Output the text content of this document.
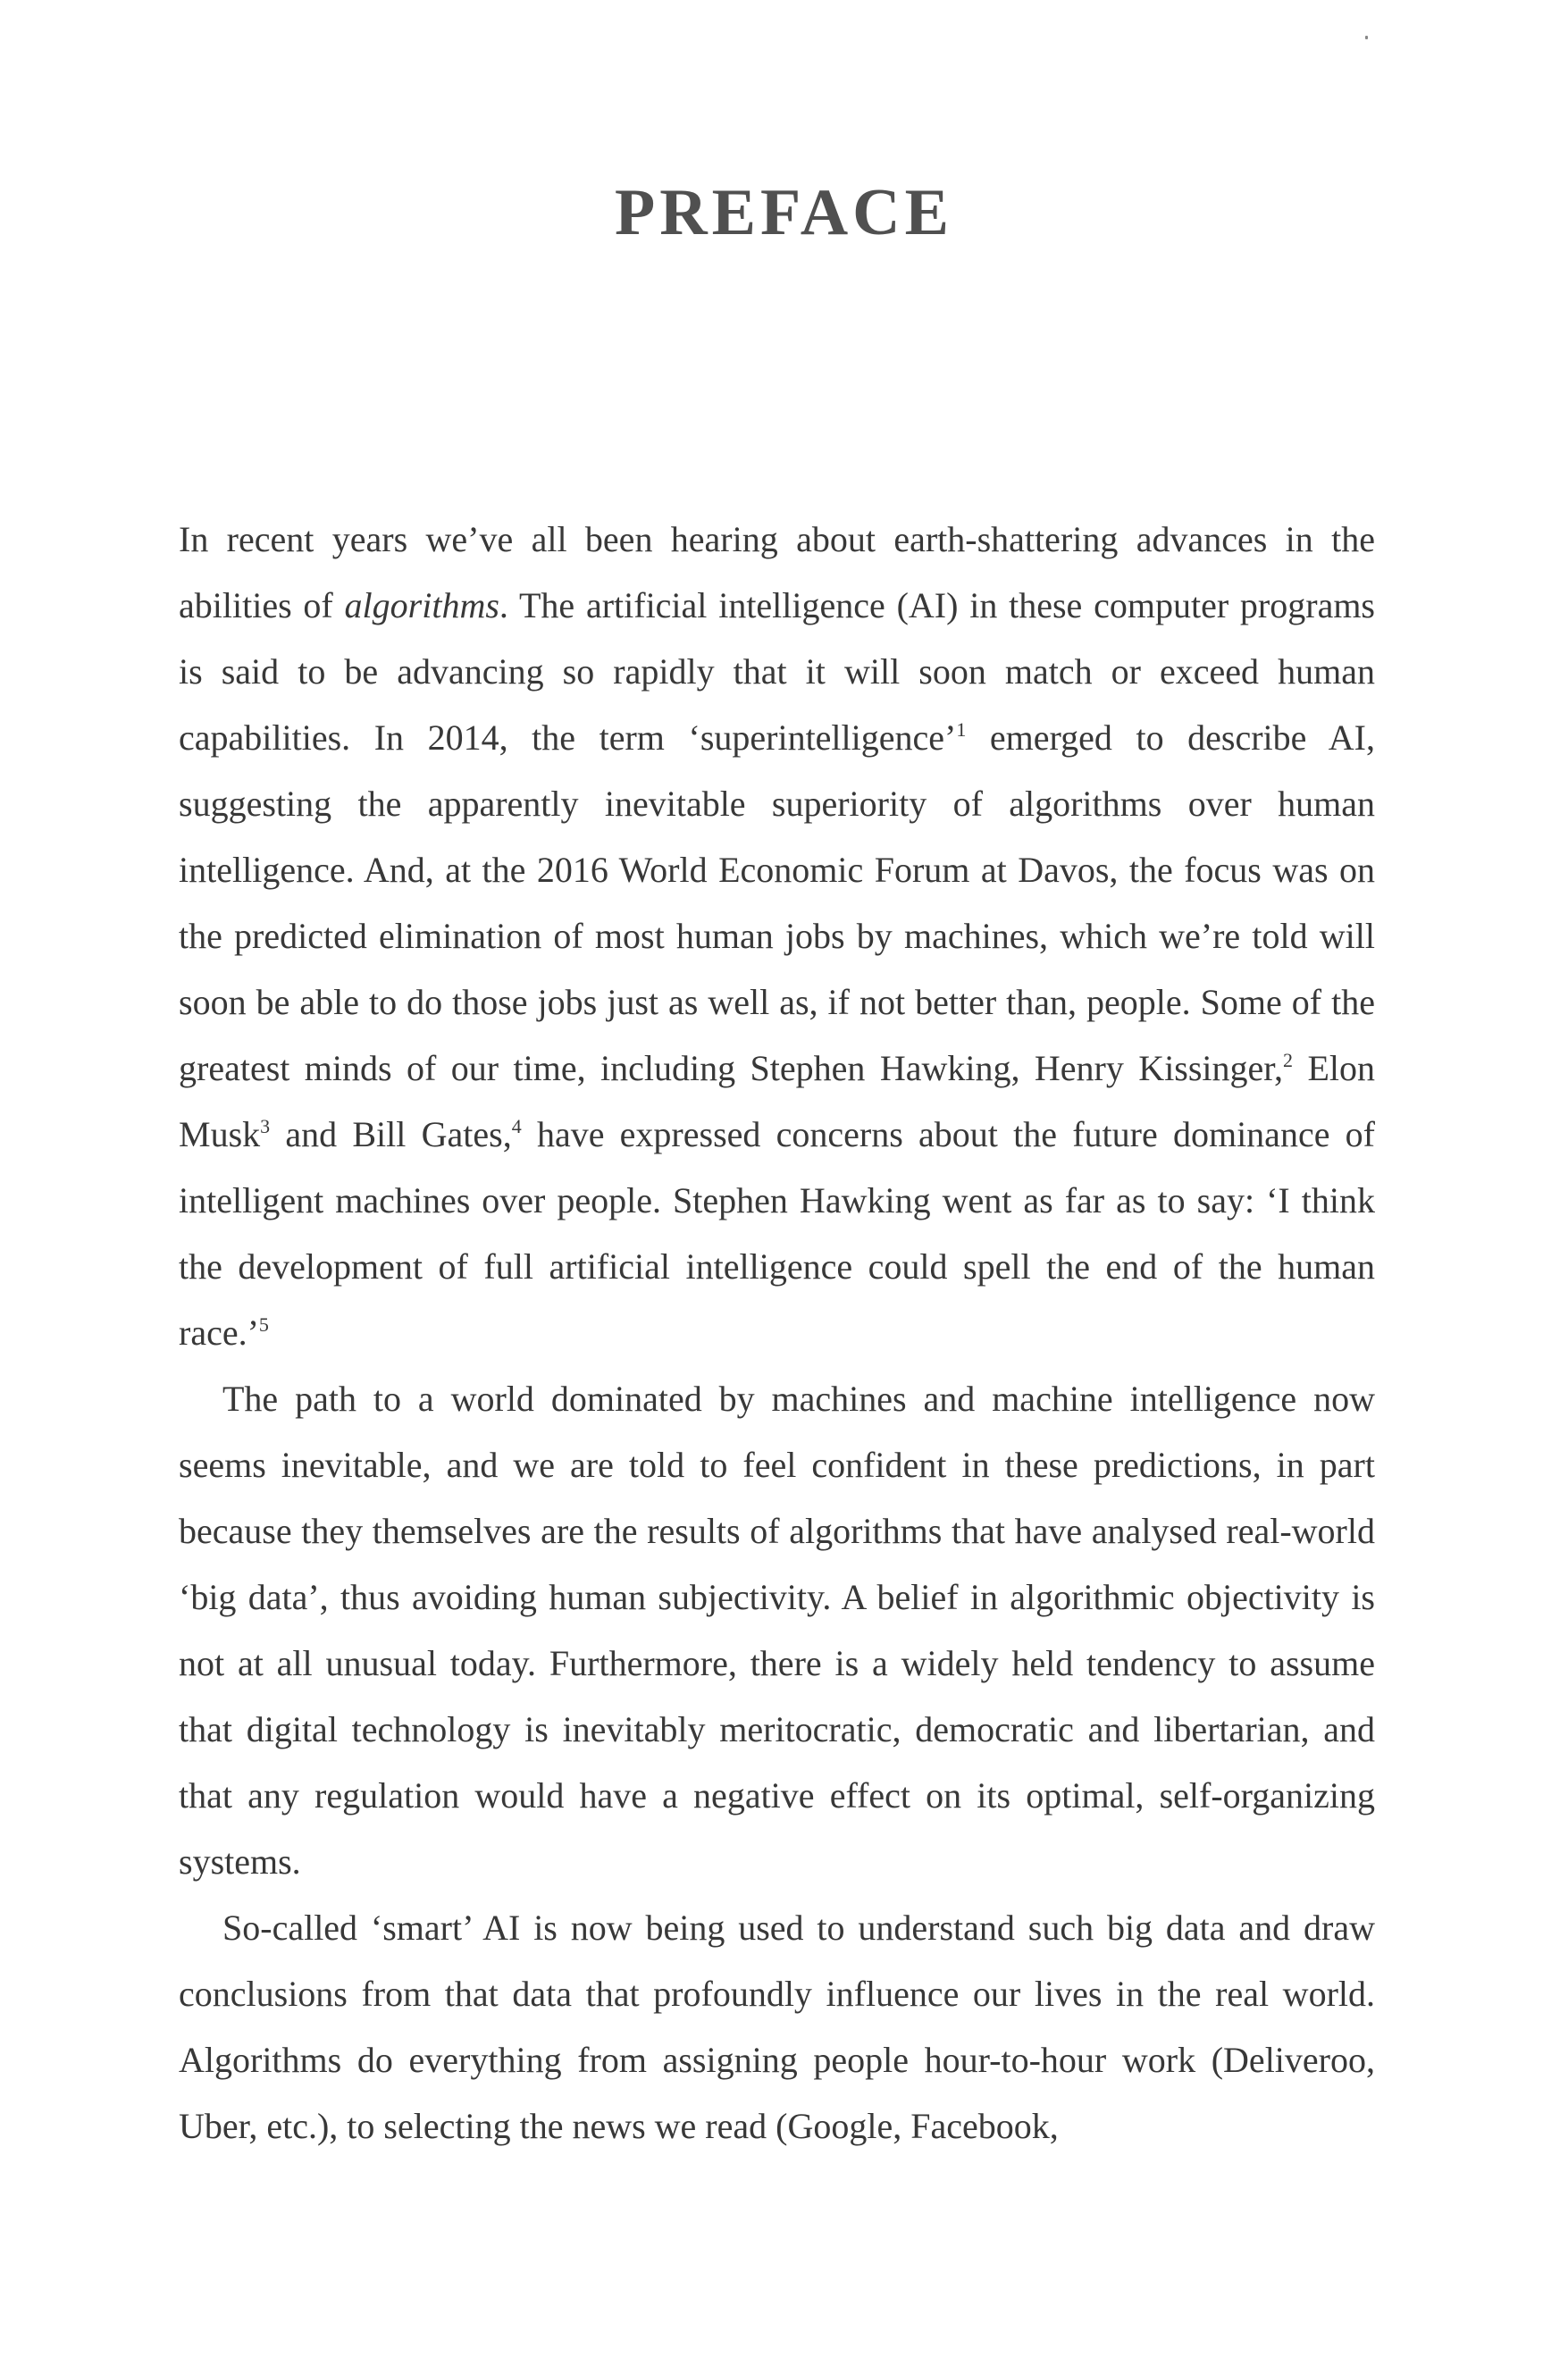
PREFACE

In recent years we’ve all been hearing about earth-shattering advances in the abilities of algorithms. The artificial intelligence (AI) in these computer programs is said to be advancing so rapidly that it will soon match or exceed human capabilities. In 2014, the term ‘superintelligence’$^1$ emerged to describe AI, suggesting the apparently inevitable superiority of algorithms over human intelligence. And, at the 2016 World Economic Forum at Davos, the focus was on the predicted elimination of most human jobs by machines, which we’re told will soon be able to do those jobs just as well as, if not better than, people. Some of the greatest minds of our time, including Stephen Hawking, Henry Kissinger,$^2$ Elon Musk$^3$ and Bill Gates,$^4$ have expressed concerns about the future dominance of intelligent machines over people. Stephen Hawking went as far as to say: ‘I think the development of full artificial intelligence could spell the end of the human race.’$^5$

The path to a world dominated by machines and machine intelligence now seems inevitable, and we are told to feel confident in these predictions, in part because they themselves are the results of algorithms that have analysed real-world ‘big data’, thus avoiding human subjectivity. A belief in algorithmic objectivity is not at all unusual today. Furthermore, there is a widely held tendency to assume that digital technology is inevitably meritocratic, democratic and libertarian, and that any regulation would have a negative effect on its optimal, self-organizing systems.

So-called ‘smart’ AI is now being used to understand such big data and draw conclusions from that data that profoundly influence our lives in the real world. Algorithms do everything from assigning people hour-to-hour work (Deliveroo, Uber, etc.), to selecting the news we read (Google, Facebook,
